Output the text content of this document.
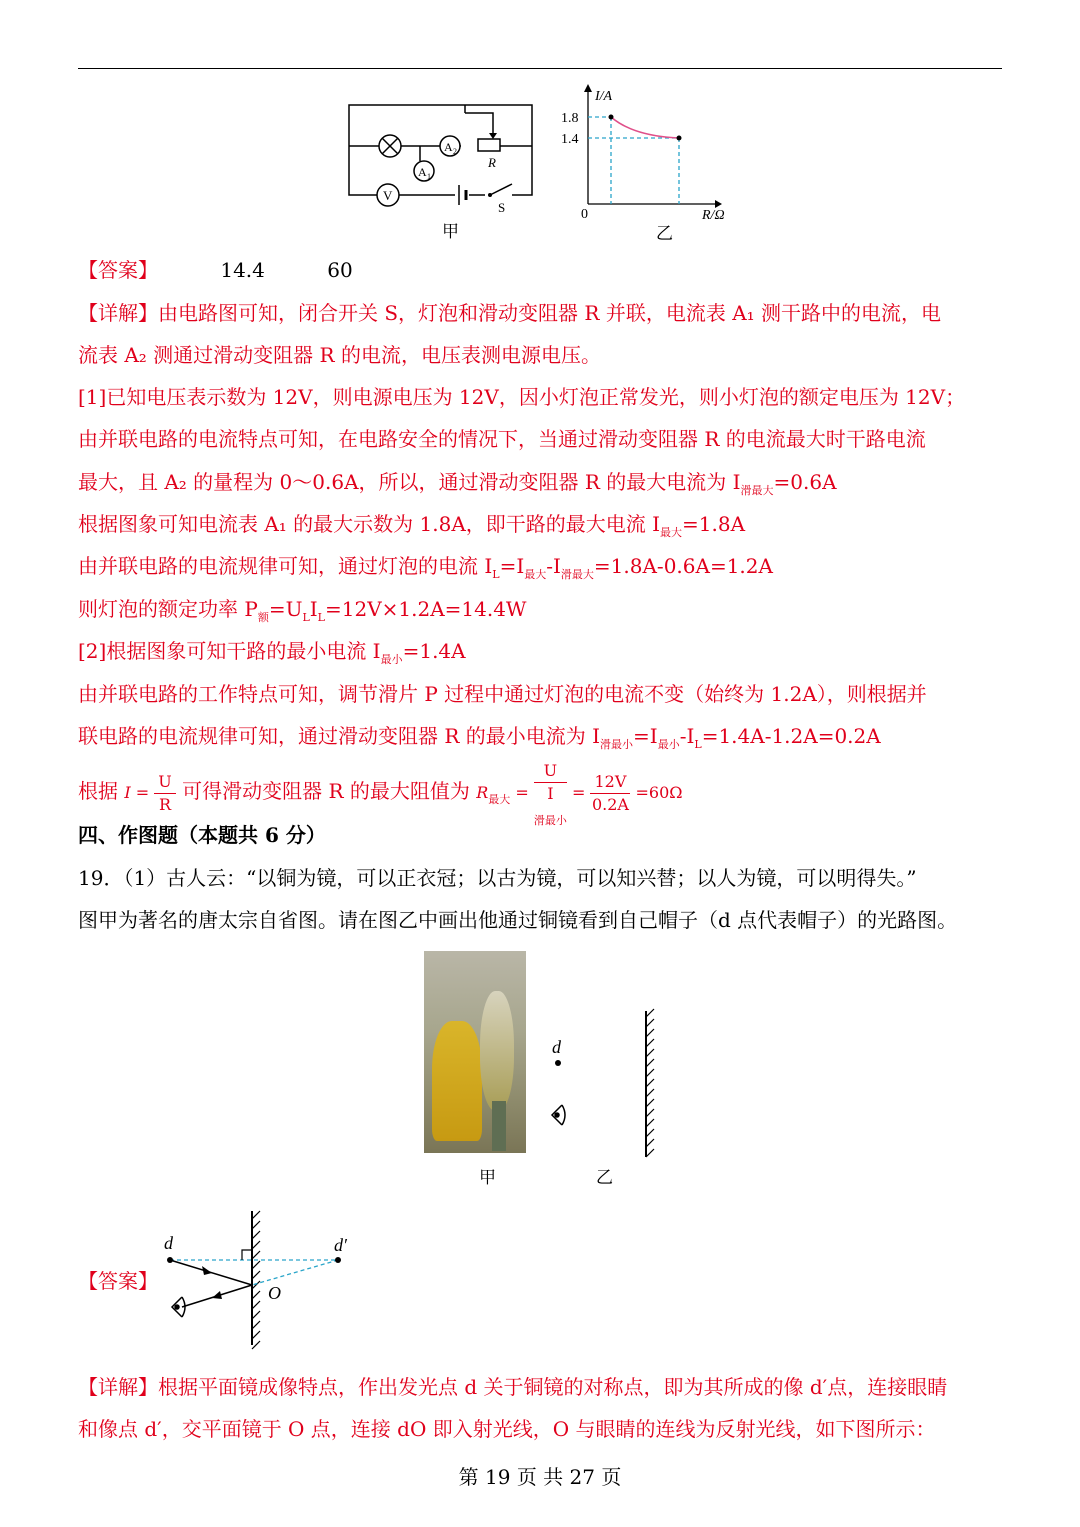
A 2
R
A 1
V
S
甲
I/A
R/Ω
0
1.8
1.4
乙
【答案】	14.4	60
【详解】由电路图可知，闭合开关 S，灯泡和滑动变阻器 R 并联，电流表 A₁ 测干路中的电流，电
流表 A₂ 测通过滑动变阻器 R 的电流，电压表测电源电压。
[1]已知电压表示数为 12V，则电源电压为 12V，因小灯泡正常发光，则小灯泡的额定电压为 12V；
由并联电路的电流特点可知，在电路安全的情况下，当通过滑动变阻器 R 的电流最大时干路电流
最大，且 A₂ 的量程为 0～0.6A，所以，通过滑动变阻器 R 的最大电流为 $I_{滑最大}=0.6A$
根据图象可知电流表 A₁ 的最大示数为 1.8A，即干路的最大电流 $I_{最大}=1.8A$
由并联电路的电流规律可知，通过灯泡的电流 $I_L=I_{最大}-I_{滑最大}=1.8A-0.6A=1.2A$
则灯泡的额定功率 $P_额=U_LI_L=12V\times 1.2A=14.4W$
[2]根据图象可知干路的最小电流 $I_{最小}=1.4A$
由并联电路的工作特点可知，调节滑片 P 过程中通过灯泡的电流不变（始终为 1.2A），则根据并
联电路的电流规律可知，通过滑动变阻器 R 的最小电流为 $I_{滑最小}=I_{最小}-I_L=1.4A-1.2A=0.2A$
根据 $I = \frac{U}{R}$ 可得滑动变阻器 R 的最大阻值为 $R_{最大} = U$
I
滑最小 = $\frac{12V}{0.2A} =60\Omega$
四、作图题（本题共 6 分）
19．（1）古人云：“以铜为镜，可以正衣冠；以古为镜，可以知兴替；以人为镜，可以明得失。”
图甲为著名的唐太宗自省图。请在图乙中画出他通过铜镜看到自己帽子（d 点代表帽子）的光路图。
甲
d
乙
【答案】
d	d′
O
【详解】根据平面镜成像特点，作出发光点 d 关于铜镜的对称点，即为其所成的像 d′点，连接眼睛
和像点 d′，交平面镜于 O 点，连接 dO 即入射光线，O 与眼睛的连线为反射光线，如下图所示：
第 19 页 共 27 页
